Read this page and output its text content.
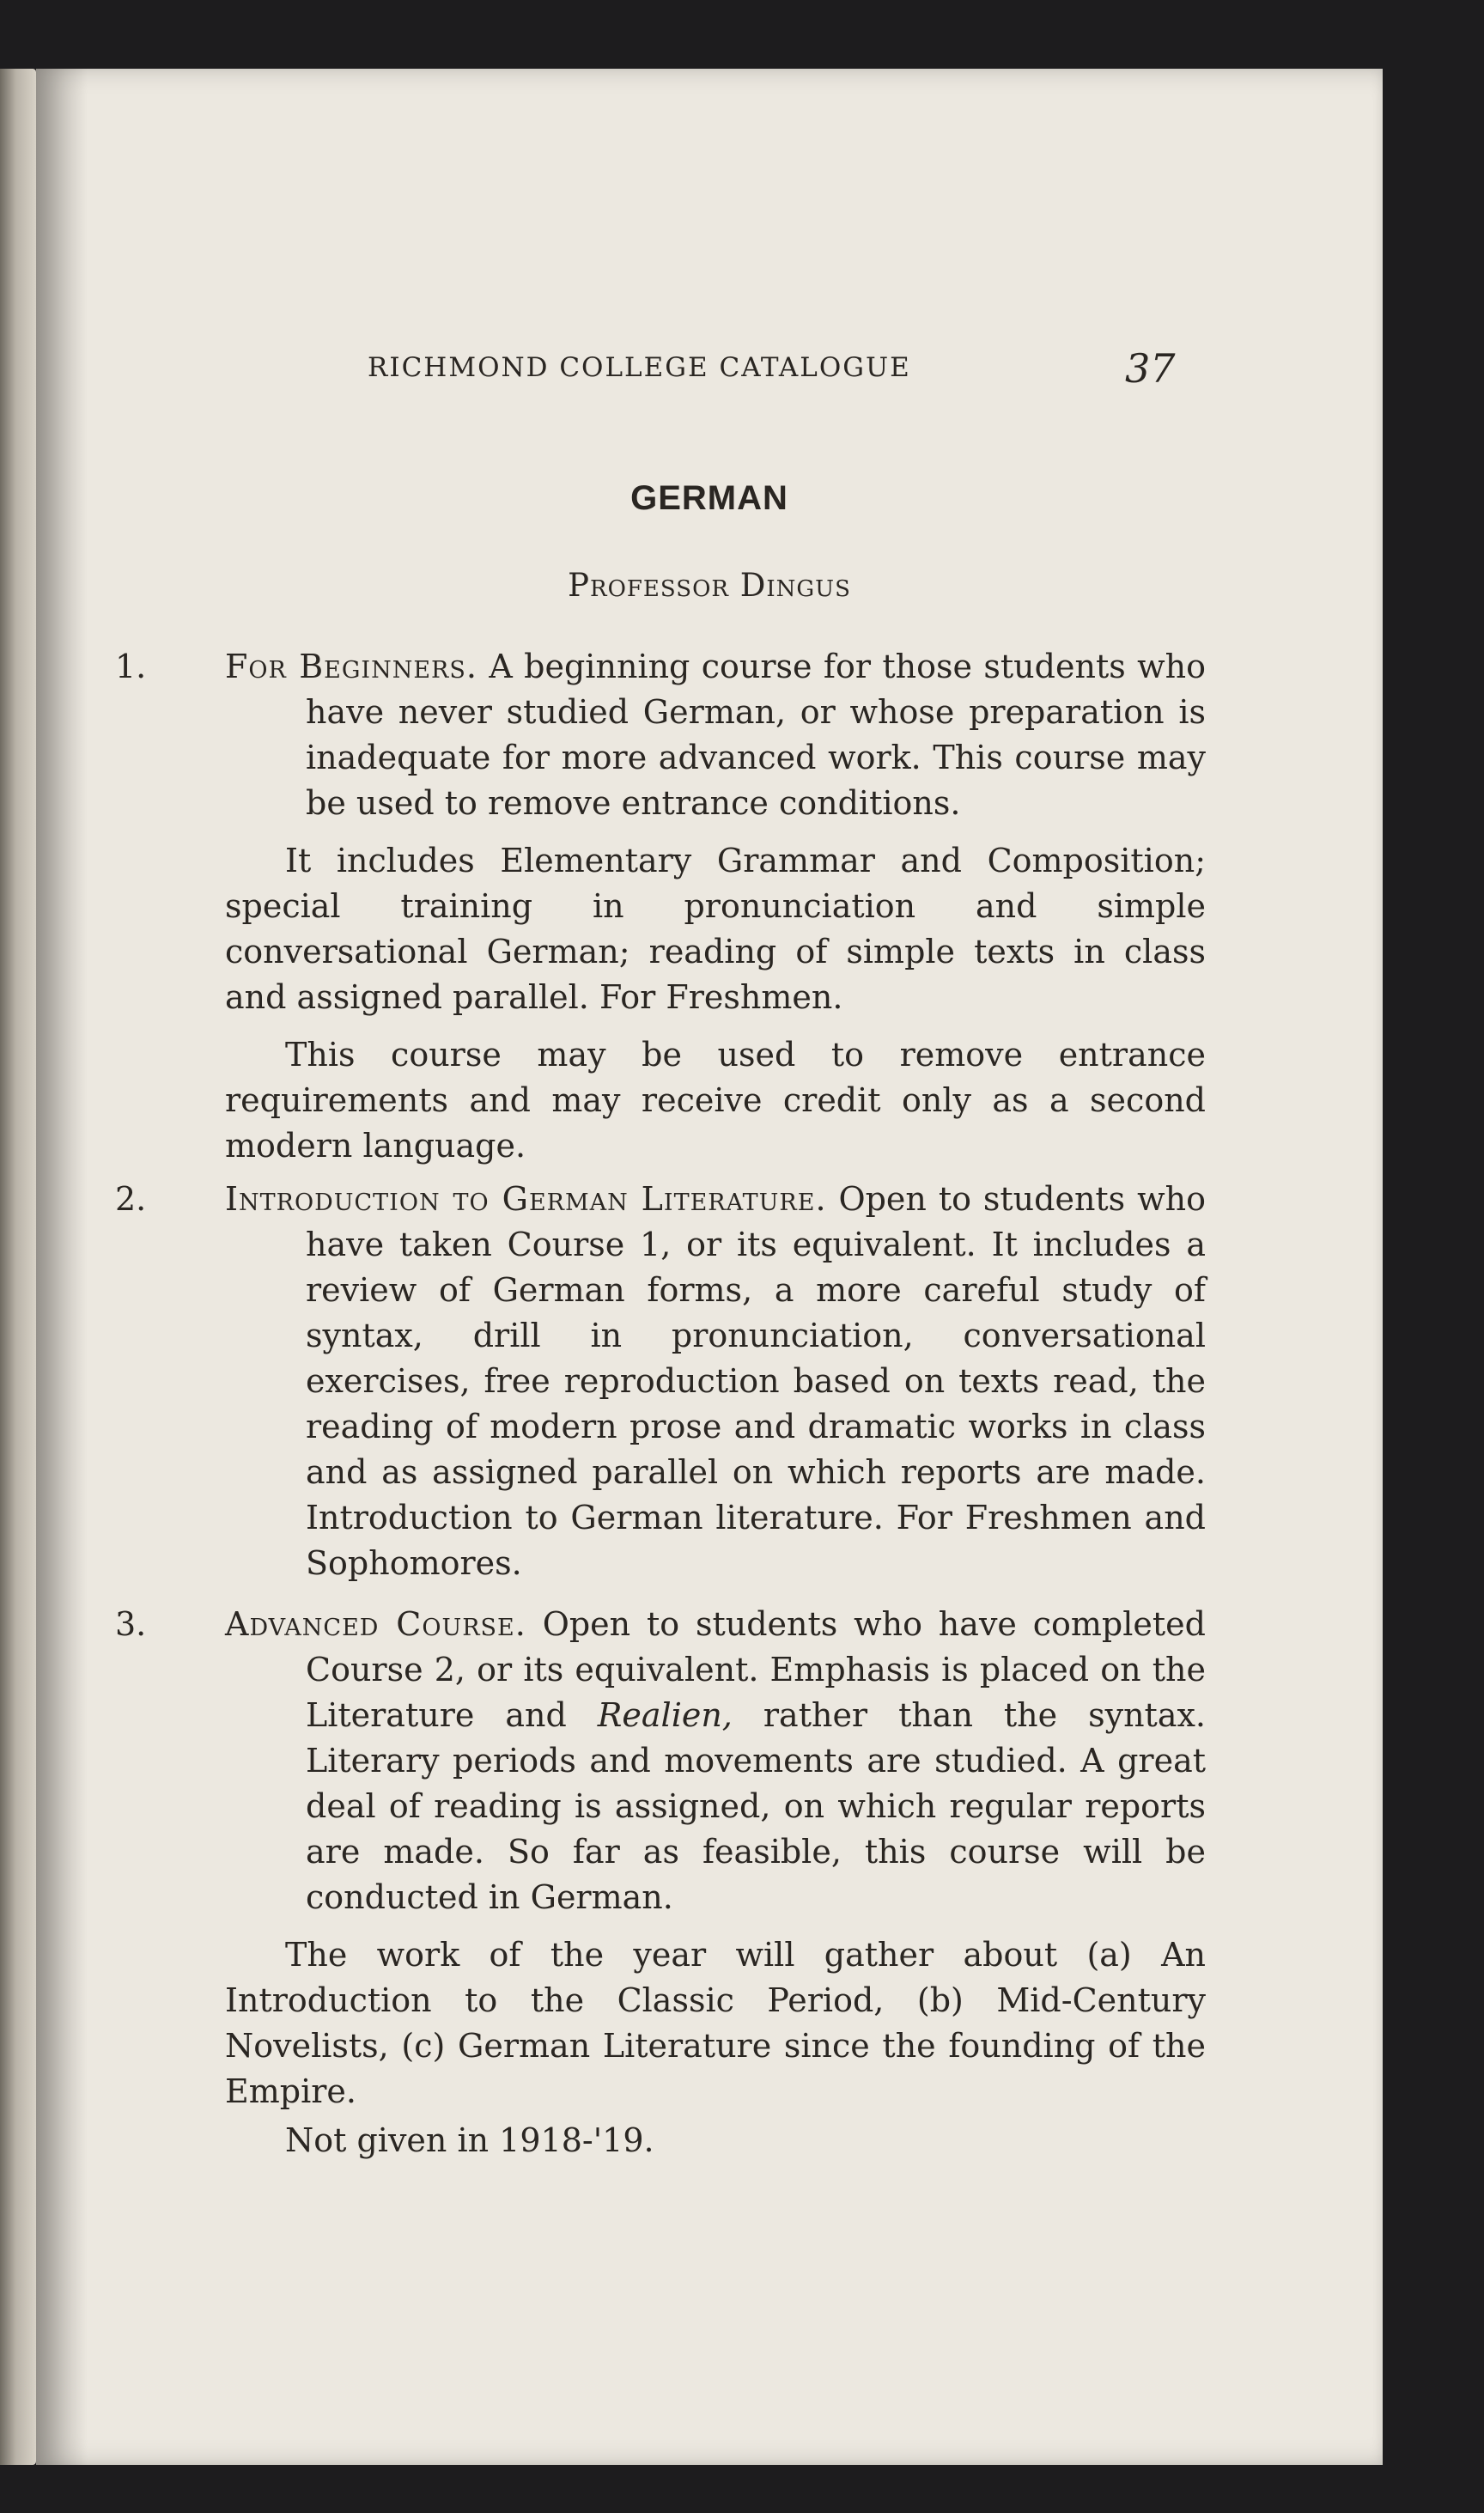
RICHMOND COLLEGE CATALOGUE	37
GERMAN
Professor Dingus
1. For Beginners. A beginning course for those students who have never studied German, or whose preparation is inadequate for more advanced work. This course may be used to remove entrance conditions.

It includes Elementary Grammar and Composition; special training in pronunciation and simple conversational German; reading of simple texts in class and assigned parallel. For Freshmen.

This course may be used to remove entrance requirements and may receive credit only as a second modern language.

2. Introduction to German Literature. Open to students who have taken Course 1, or its equivalent. It includes a review of German forms, a more careful study of syntax, drill in pronunciation, conversational exercises, free reproduction based on texts read, the reading of modern prose and dramatic works in class and as assigned parallel on which reports are made. Introduction to German literature. For Freshmen and Sophomores.

3. Advanced Course. Open to students who have completed Course 2, or its equivalent. Emphasis is placed on the Literature and Realien, rather than the syntax. Literary periods and movements are studied. A great deal of reading is assigned, on which regular reports are made. So far as feasible, this course will be conducted in German.

The work of the year will gather about (a) An Introduction to the Classic Period, (b) Mid-Century Novelists, (c) German Literature since the founding of the Empire.

Not given in 1918-'19.
